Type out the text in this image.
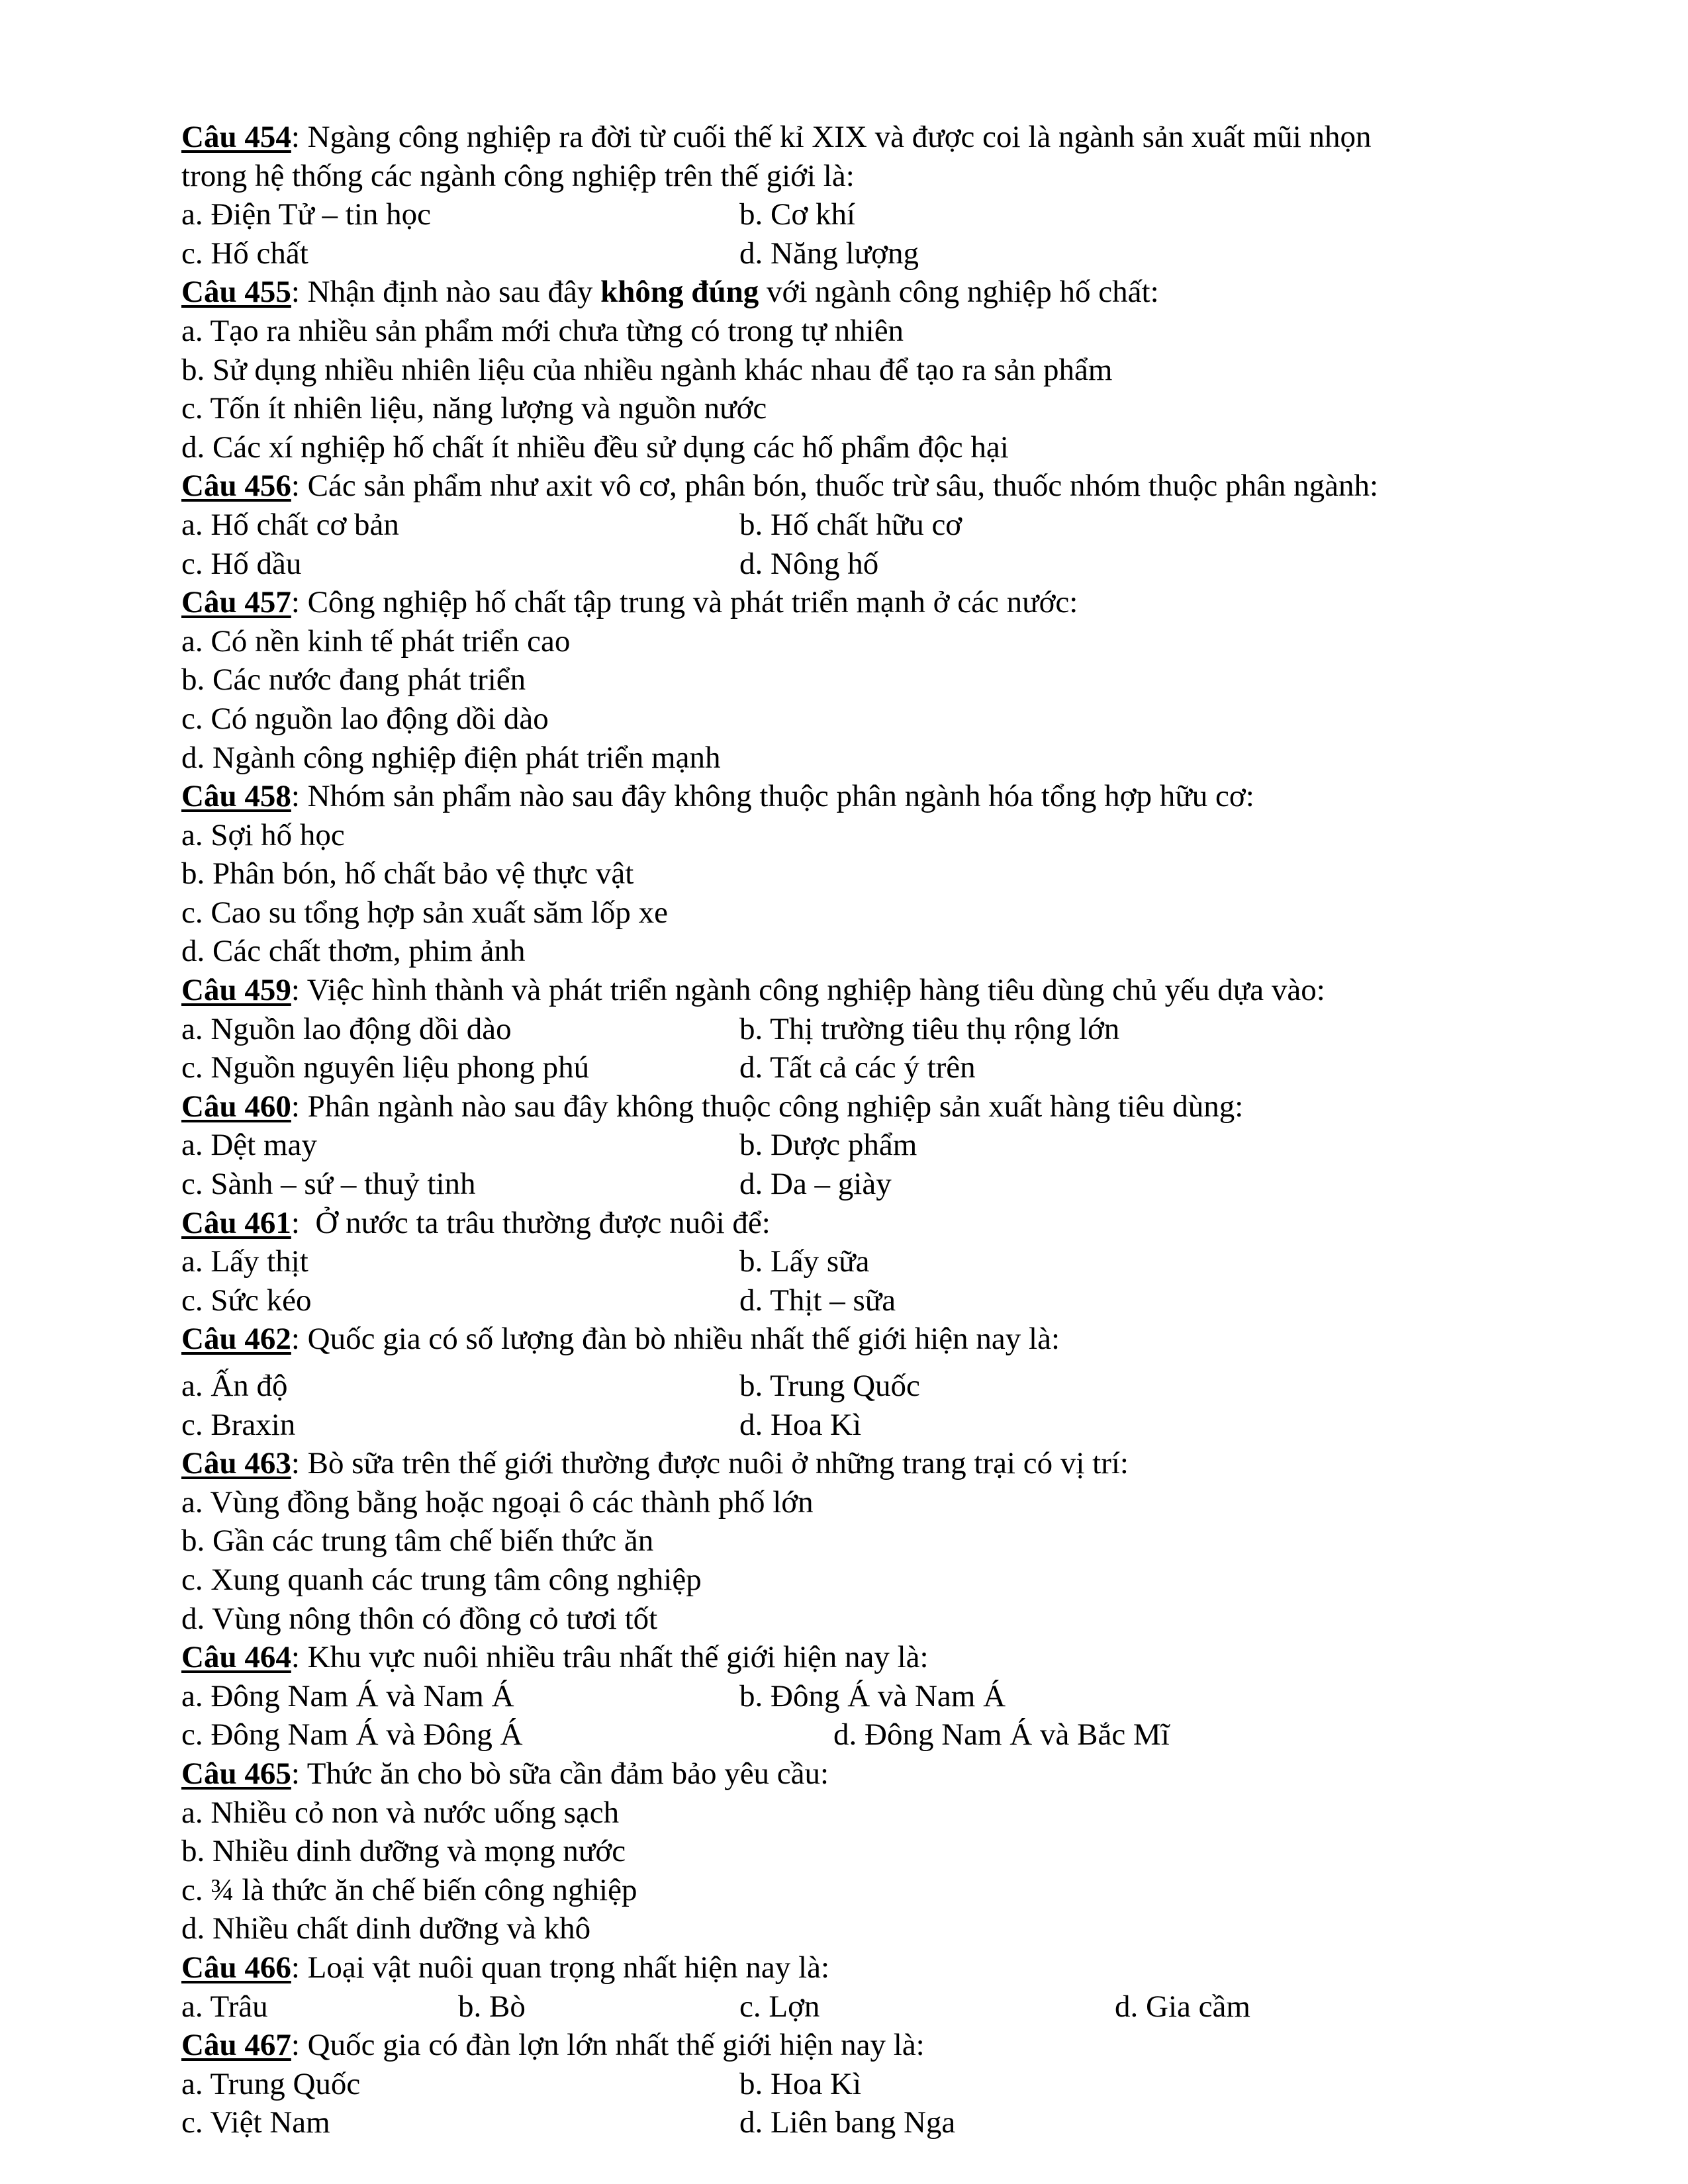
Câu 454: Ngàng công nghiệp ra đời từ cuối thế kỉ XIX và được coi là ngành sản xuất mũi nhọn
trong hệ thống các ngành công nghiệp trên thế giới là:
a. Điện Tử – tin học	b. Cơ khí
c. Hố chất	d. Năng lượng
Câu 455: Nhận định nào sau đây không đúng với ngành công nghiệp hố chất:
a. Tạo ra nhiều sản phẩm mới chưa từng có trong tự nhiên
b. Sử dụng nhiều nhiên liệu của nhiều ngành khác nhau để tạo ra sản phẩm
c. Tốn ít nhiên liệu, năng lượng và nguồn nước
d. Các xí nghiệp hố chất ít nhiều đều sử dụng các hố phẩm độc hại
Câu 456: Các sản phẩm như axit vô cơ, phân bón, thuốc trừ sâu, thuốc nhóm thuộc phân ngành:
a. Hố chất cơ bản	b. Hố chất hữu cơ
c. Hố dầu	d. Nông hố
Câu 457: Công nghiệp hố chất tập trung và phát triển mạnh ở các nước:
a. Có nền kinh tế phát triển cao
b. Các nước đang phát triển
c. Có nguồn lao động dồi dào
d. Ngành công nghiệp điện phát triển mạnh
Câu 458: Nhóm sản phẩm nào sau đây không thuộc phân ngành hóa tổng hợp hữu cơ:
a. Sợi hố học
b. Phân bón, hố chất bảo vệ thực vật
c. Cao su tổng hợp sản xuất săm lốp xe
d. Các chất thơm, phim ảnh
Câu 459: Việc hình thành và phát triển ngành công nghiệp hàng tiêu dùng chủ yếu dựa vào:
a. Nguồn lao động dồi dào	b. Thị trường tiêu thụ rộng lớn
c. Nguồn nguyên liệu phong phú	d. Tất cả các ý trên
Câu 460: Phân ngành nào sau đây không thuộc công nghiệp sản xuất hàng tiêu dùng:
a. Dệt may	b. Dược phẩm
c. Sành – sứ – thuỷ tinh	d. Da – giày
Câu 461:  Ở nước ta trâu thường được nuôi để:
a. Lấy thịt	b. Lấy sữa
c. Sức kéo	d. Thịt – sữa
Câu 462: Quốc gia có số lượng đàn bò nhiều nhất thế giới hiện nay là:
a. Ấn độ	b. Trung Quốc
c. Braxin	d. Hoa Kì
Câu 463: Bò sữa trên thế giới thường được nuôi ở những trang trại có vị trí:
a. Vùng đồng bằng hoặc ngoại ô các thành phố lớn
b. Gần các trung tâm chế biến thức ăn
c. Xung quanh các trung tâm công nghiệp
d. Vùng nông thôn có đồng cỏ tươi tốt
Câu 464: Khu vực nuôi nhiều trâu nhất thế giới hiện nay là:
a. Đông Nam Á và Nam Á	b. Đông Á và Nam Á
c. Đông Nam Á và Đông Á	d. Đông Nam Á và Bắc Mĩ
Câu 465: Thức ăn cho bò sữa cần đảm bảo yêu cầu:
a. Nhiều cỏ non và nước uống sạch
b. Nhiều dinh dưỡng và mọng nước
c. ¾ là thức ăn chế biến công nghiệp
d. Nhiều chất dinh dưỡng và khô
Câu 466: Loại vật nuôi quan trọng nhất hiện nay là:
a. Trâu	b. Bò	c. Lợn	d. Gia cầm
Câu 467: Quốc gia có đàn lợn lớn nhất thế giới hiện nay là:
a. Trung Quốc	b. Hoa Kì
c. Việt Nam	d. Liên bang Nga
